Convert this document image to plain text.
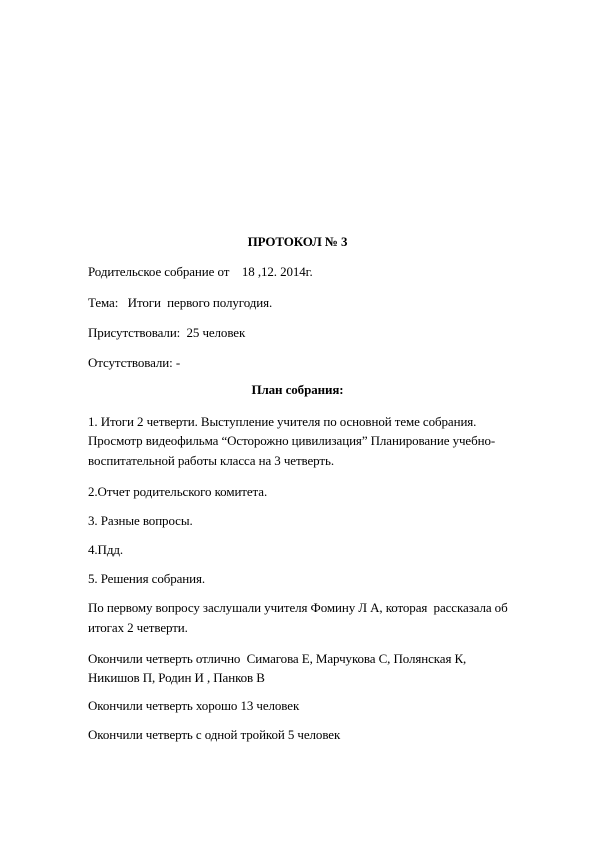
ПРОТОКОЛ № 3

Родительское собрание от    18 ,12. 2014г.

Тема:   Итоги  первого полугодия.

Присутствовали:  25 человек

Отсутствовали: -

План собрания:

1. Итоги 2 четверти. Выступление учителя по основной теме собрания.

Просмотр видеофильма “Осторожно цивилизация” Планирование учебно-

воспитательной работы класса на 3 четверть.

2.Отчет родительского комитета.

3. Разные вопросы.

4.Пдд.

5. Решения собрания.

По первому вопросу заслушали учителя Фомину Л А, которая  рассказала об

итогах 2 четверти.

Окончили четверть отлично  Симагова Е, Марчукова С, Полянская К,

Никишов П, Родин И , Панков В

Окончили четверть хорошо 13 человек

Окончили четверть с одной тройкой 5 человек
